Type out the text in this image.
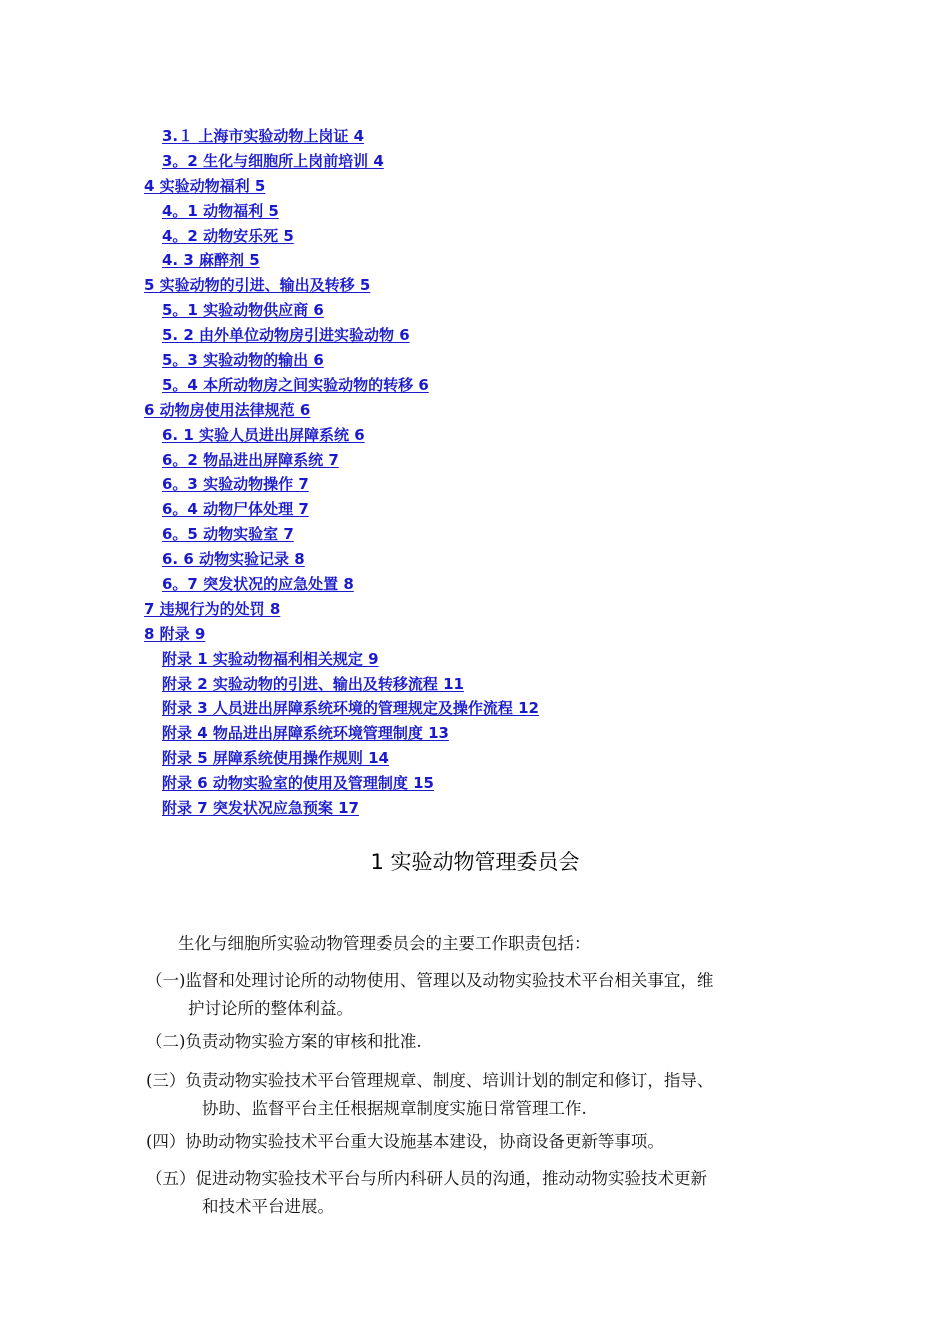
3.１ 上海市实验动物上岗证 4
3。2 生化与细胞所上岗前培训 4
4 实验动物福利 5
4。1 动物福利 5
4。2 动物安乐死 5
4. 3 麻醉剂 5
5 实验动物的引进、输出及转移 5
5。1 实验动物供应商 6
5. 2 由外单位动物房引进实验动物 6
5。3 实验动物的输出 6
5。4 本所动物房之间实验动物的转移 6
6 动物房使用法律规范 6
6. 1 实验人员进出屏障系统 6
6。2 物品进出屏障系统 7
6。3 实验动物操作 7
6。4 动物尸体处理 7
6。5 动物实验室 7
6. 6 动物实验记录 8
6。7 突发状况的应急处置 8
7 违规行为的处罚 8
8 附录 9
附录 1 实验动物福利相关规定 9
附录 2 实验动物的引进、输出及转移流程 11
附录 3 人员进出屏障系统环境的管理规定及操作流程 12
附录 4 物品进出屏障系统环境管理制度 13
附录 5 屏障系统使用操作规则 14
附录 6 动物实验室的使用及管理制度 15
附录 7 突发状况应急预案 17
1 实验动物管理委员会
生化与细胞所实验动物管理委员会的主要工作职责包括：
（一)监督和处理讨论所的动物使用、管理以及动物实验技术平台相关事宜，维
护讨论所的整体利益。
（二)负责动物实验方案的审核和批准.
(三）负责动物实验技术平台管理规章、制度、培训计划的制定和修订，指导、
协助、监督平台主任根据规章制度实施日常管理工作.
(四）协助动物实验技术平台重大设施基本建设，协商设备更新等事项。
（五）促进动物实验技术平台与所内科研人员的沟通，推动动物实验技术更新
和技术平台进展。
